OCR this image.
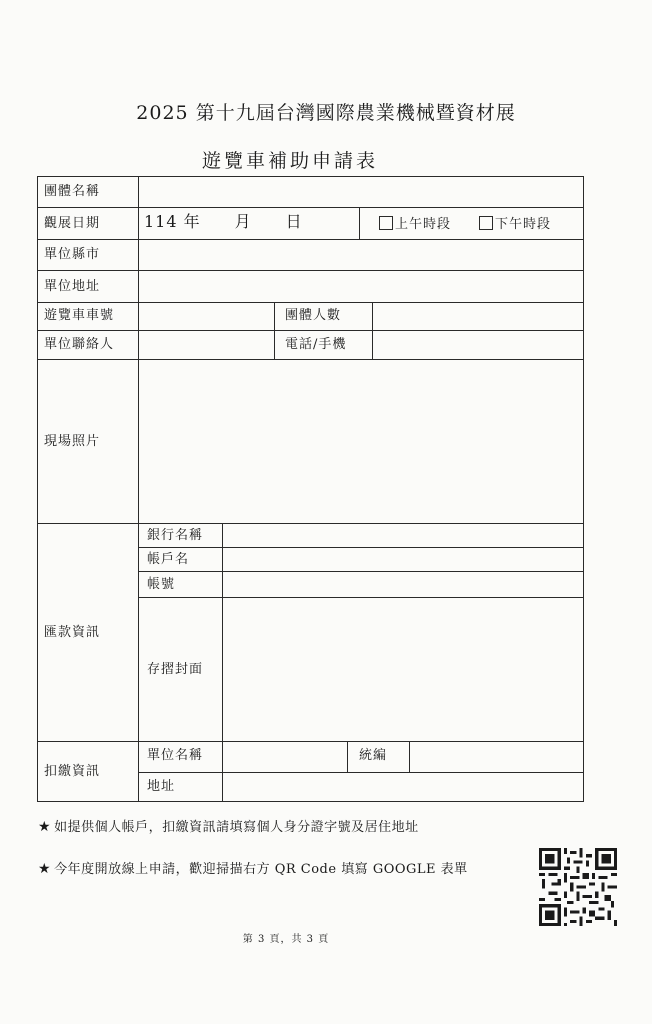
2025 第十九屆台灣國際農業機械暨資材展
遊覽車補助申請表
團體名稱
觀展日期	114 年　　月　　日	上午時段	下午時段
單位縣市
單位地址
遊覽車車號	團體人數
單位聯絡人	電話/手機
現場照片
匯款資訊
銀行名稱
帳戶名
帳號
存摺封面
扣繳資訊
單位名稱	統編
地址
★ 如提供個人帳戶，扣繳資訊請填寫個人身分證字號及居住地址
★ 今年度開放線上申請，歡迎掃描右方 QR Code 填寫 GOOGLE 表單
第 3 頁，共 3 頁
